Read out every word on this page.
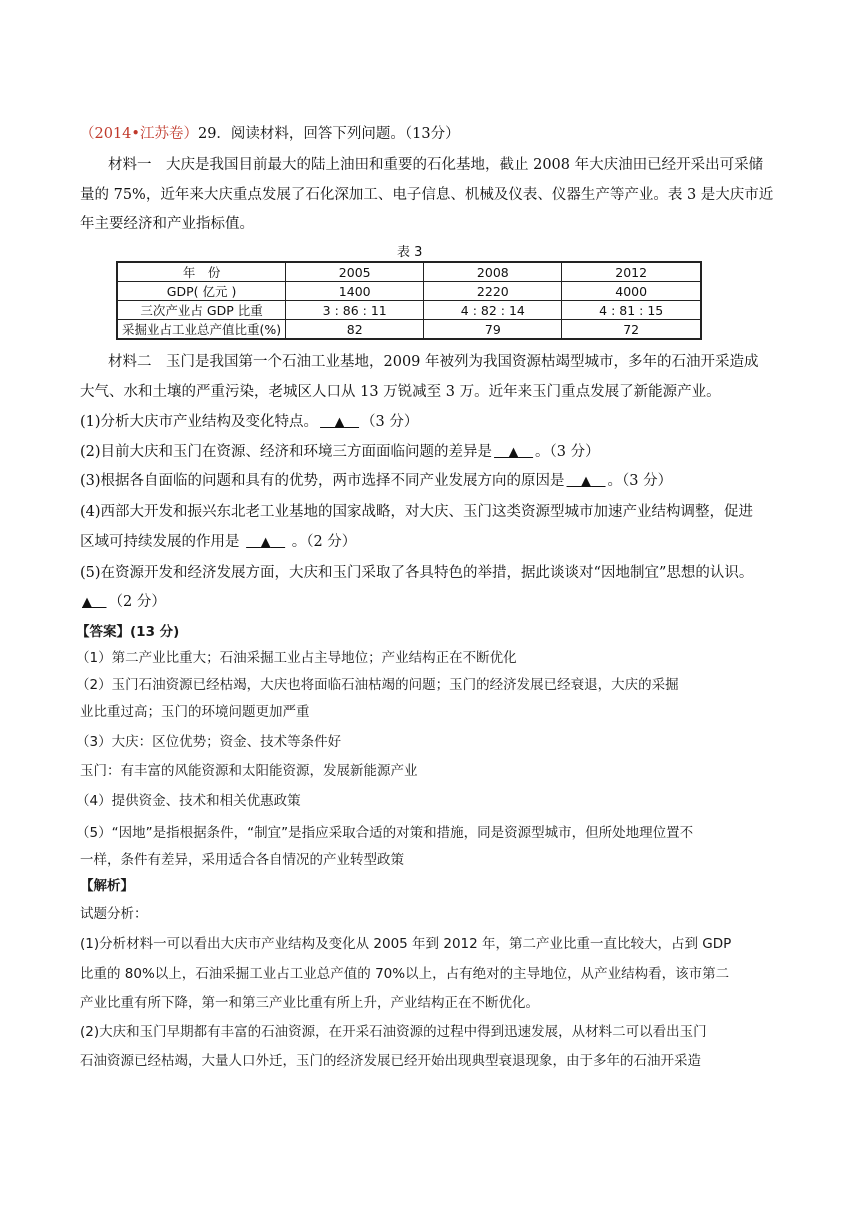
（2014•江苏卷）29．阅读材料，回答下列问题。（13分）
材料一　大庆是我国目前最大的陆上油田和重要的石化基地，截止 2008 年大庆油田已经开采出可采储
量的 75%，近年来大庆重点发展了石化深加工、电子信息、机械及仪表、仪器生产等产业。表 3 是大庆市近
年主要经济和产业指标值。
表 3
年　份	2005	2008	2012
GDP( 亿元 )	1400	2220	4000
三次产业占 GDP 比重	3 : 86 : 11	4 : 82 : 14	4 : 81 : 15
采掘业占工业总产值比重(%)	82	79	72
材料二　玉门是我国第一个石油工业基地，2009 年被列为我国资源枯竭型城市，多年的石油开采造成
大气、水和土壤的严重污染，老城区人口从 13 万锐减至 3 万。近年来玉门重点发展了新能源产业。
(1)分析大庆市产业结构及变化特点。  ▲  （3 分）
(2)目前大庆和玉门在资源、经济和环境三方面面临问题的差异是  ▲  。（3 分）
(3)根据各自面临的问题和具有的优势，两市选择不同产业发展方向的原因是  ▲  。（3 分）
(4)西部大开发和振兴东北老工业基地的国家战略，对大庆、玉门这类资源型城市加速产业结构调整，促进
区域可持续发展的作用是  ▲  。（2 分）
(5)在资源开发和经济发展方面，大庆和玉门采取了各具特色的举措，据此谈谈对“因地制宜”思想的认识。
▲  （2 分）
【答案】(13 分)
（1）第二产业比重大；石油采掘工业占主导地位；产业结构正在不断优化
（2）玉门石油资源已经枯竭，大庆也将面临石油枯竭的问题；玉门的经济发展已经衰退，大庆的采掘
业比重过高；玉门的环境问题更加严重
（3）大庆：区位优势；资金、技术等条件好
玉门：有丰富的风能资源和太阳能资源，发展新能源产业
（4）提供资金、技术和相关优惠政策
（5）“因地”是指根据条件，“制宜”是指应采取合适的对策和措施，同是资源型城市，但所处地理位置不
一样，条件有差异，采用适合各自情况的产业转型政策
【解析】
试题分析：
(1)分析材料一可以看出大庆市产业结构及变化从 2005 年到 2012 年，第二产业比重一直比较大，占到 GDP
比重的 80%以上，石油采掘工业占工业总产值的 70%以上，占有绝对的主导地位，从产业结构看，该市第二
产业比重有所下降，第一和第三产业比重有所上升，产业结构正在不断优化。
(2)大庆和玉门早期都有丰富的石油资源，在开采石油资源的过程中得到迅速发展，从材料二可以看出玉门
石油资源已经枯竭，大量人口外迁，玉门的经济发展已经开始出现典型衰退现象，由于多年的石油开采造
